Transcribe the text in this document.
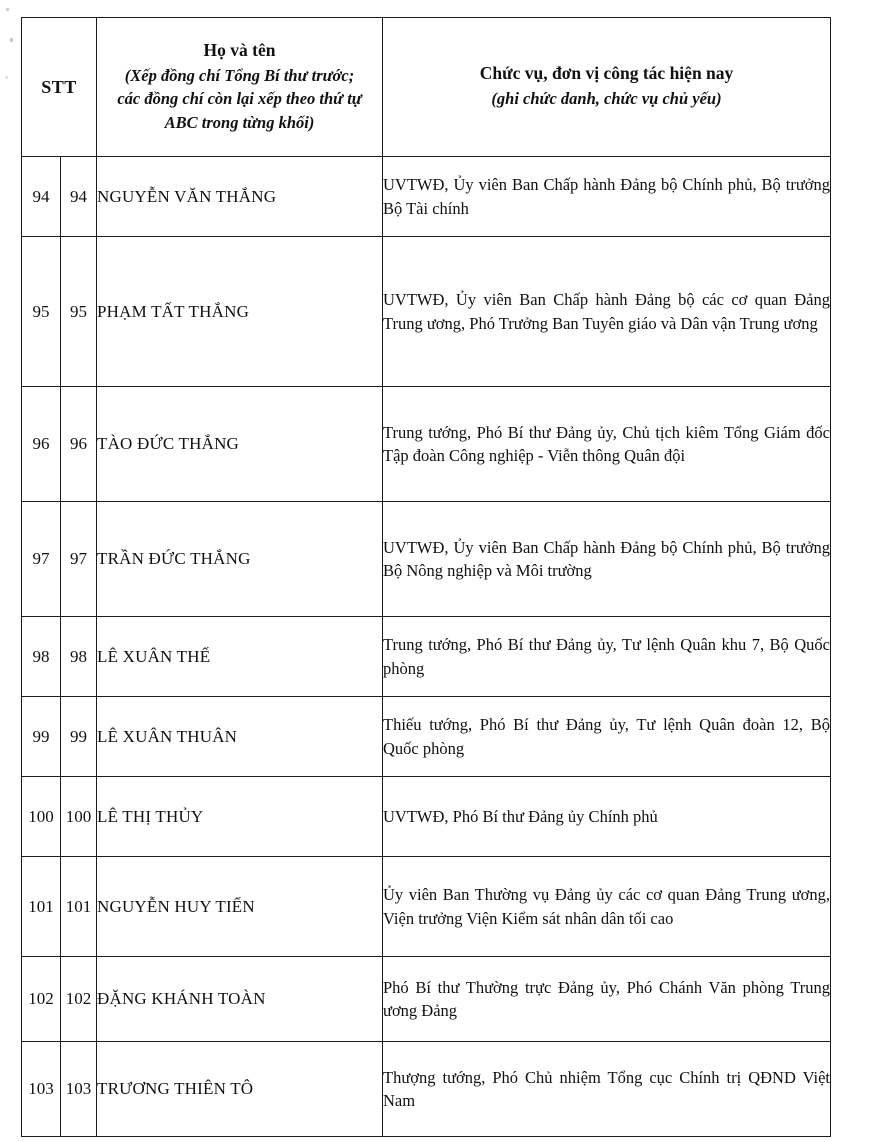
STT		Họ và tên
(Xếp đồng chí Tổng Bí thư trước;
các đồng chí còn lại xếp theo thứ tự
ABC trong từng khối)	Chức vụ, đơn vị công tác hiện nay
(ghi chức danh, chức vụ chủ yếu)

94	94	NGUYỄN VĂN THẮNG	UVTWĐ, Ủy viên Ban Chấp hành Đảng bộ Chính phủ, Bộ trưởng
Bộ Tài chính

95	95	PHẠM TẤT THẮNG	UVTWĐ, Ủy viên Ban Chấp hành Đảng bộ các cơ quan Đảng
Trung ương, Phó Trưởng Ban Tuyên giáo và Dân vận Trung ương

96	96	TÀO ĐỨC THẮNG	Trung tướng, Phó Bí thư Đảng ủy, Chủ tịch kiêm Tổng Giám đốc
Tập đoàn Công nghiệp - Viễn thông Quân đội

97	97	TRẦN ĐỨC THẮNG	UVTWĐ, Ủy viên Ban Chấp hành Đảng bộ Chính phủ, Bộ trưởng
Bộ Nông nghiệp và Môi trường

98	98	LÊ XUÂN THẾ	Trung tướng, Phó Bí thư Đảng ủy, Tư lệnh Quân khu 7, Bộ Quốc
phòng

99	99	LÊ XUÂN THUÂN	Thiếu tướng, Phó Bí thư Đảng ủy, Tư lệnh Quân đoàn 12, Bộ
Quốc phòng

100	100	LÊ THỊ THỦY	UVTWĐ, Phó Bí thư Đảng ủy Chính phủ

101	101	NGUYỄN HUY TIẾN	Ủy viên Ban Thường vụ Đảng ủy các cơ quan Đảng Trung ương,
Viện trưởng Viện Kiểm sát nhân dân tối cao

102	102	ĐẶNG KHÁNH TOÀN	Phó Bí thư Thường trực Đảng ủy, Phó Chánh Văn phòng Trung
ương Đảng

103	103	TRƯƠNG THIÊN TÔ	Thượng tướng, Phó Chủ nhiệm Tổng cục Chính trị QĐND Việt
Nam
